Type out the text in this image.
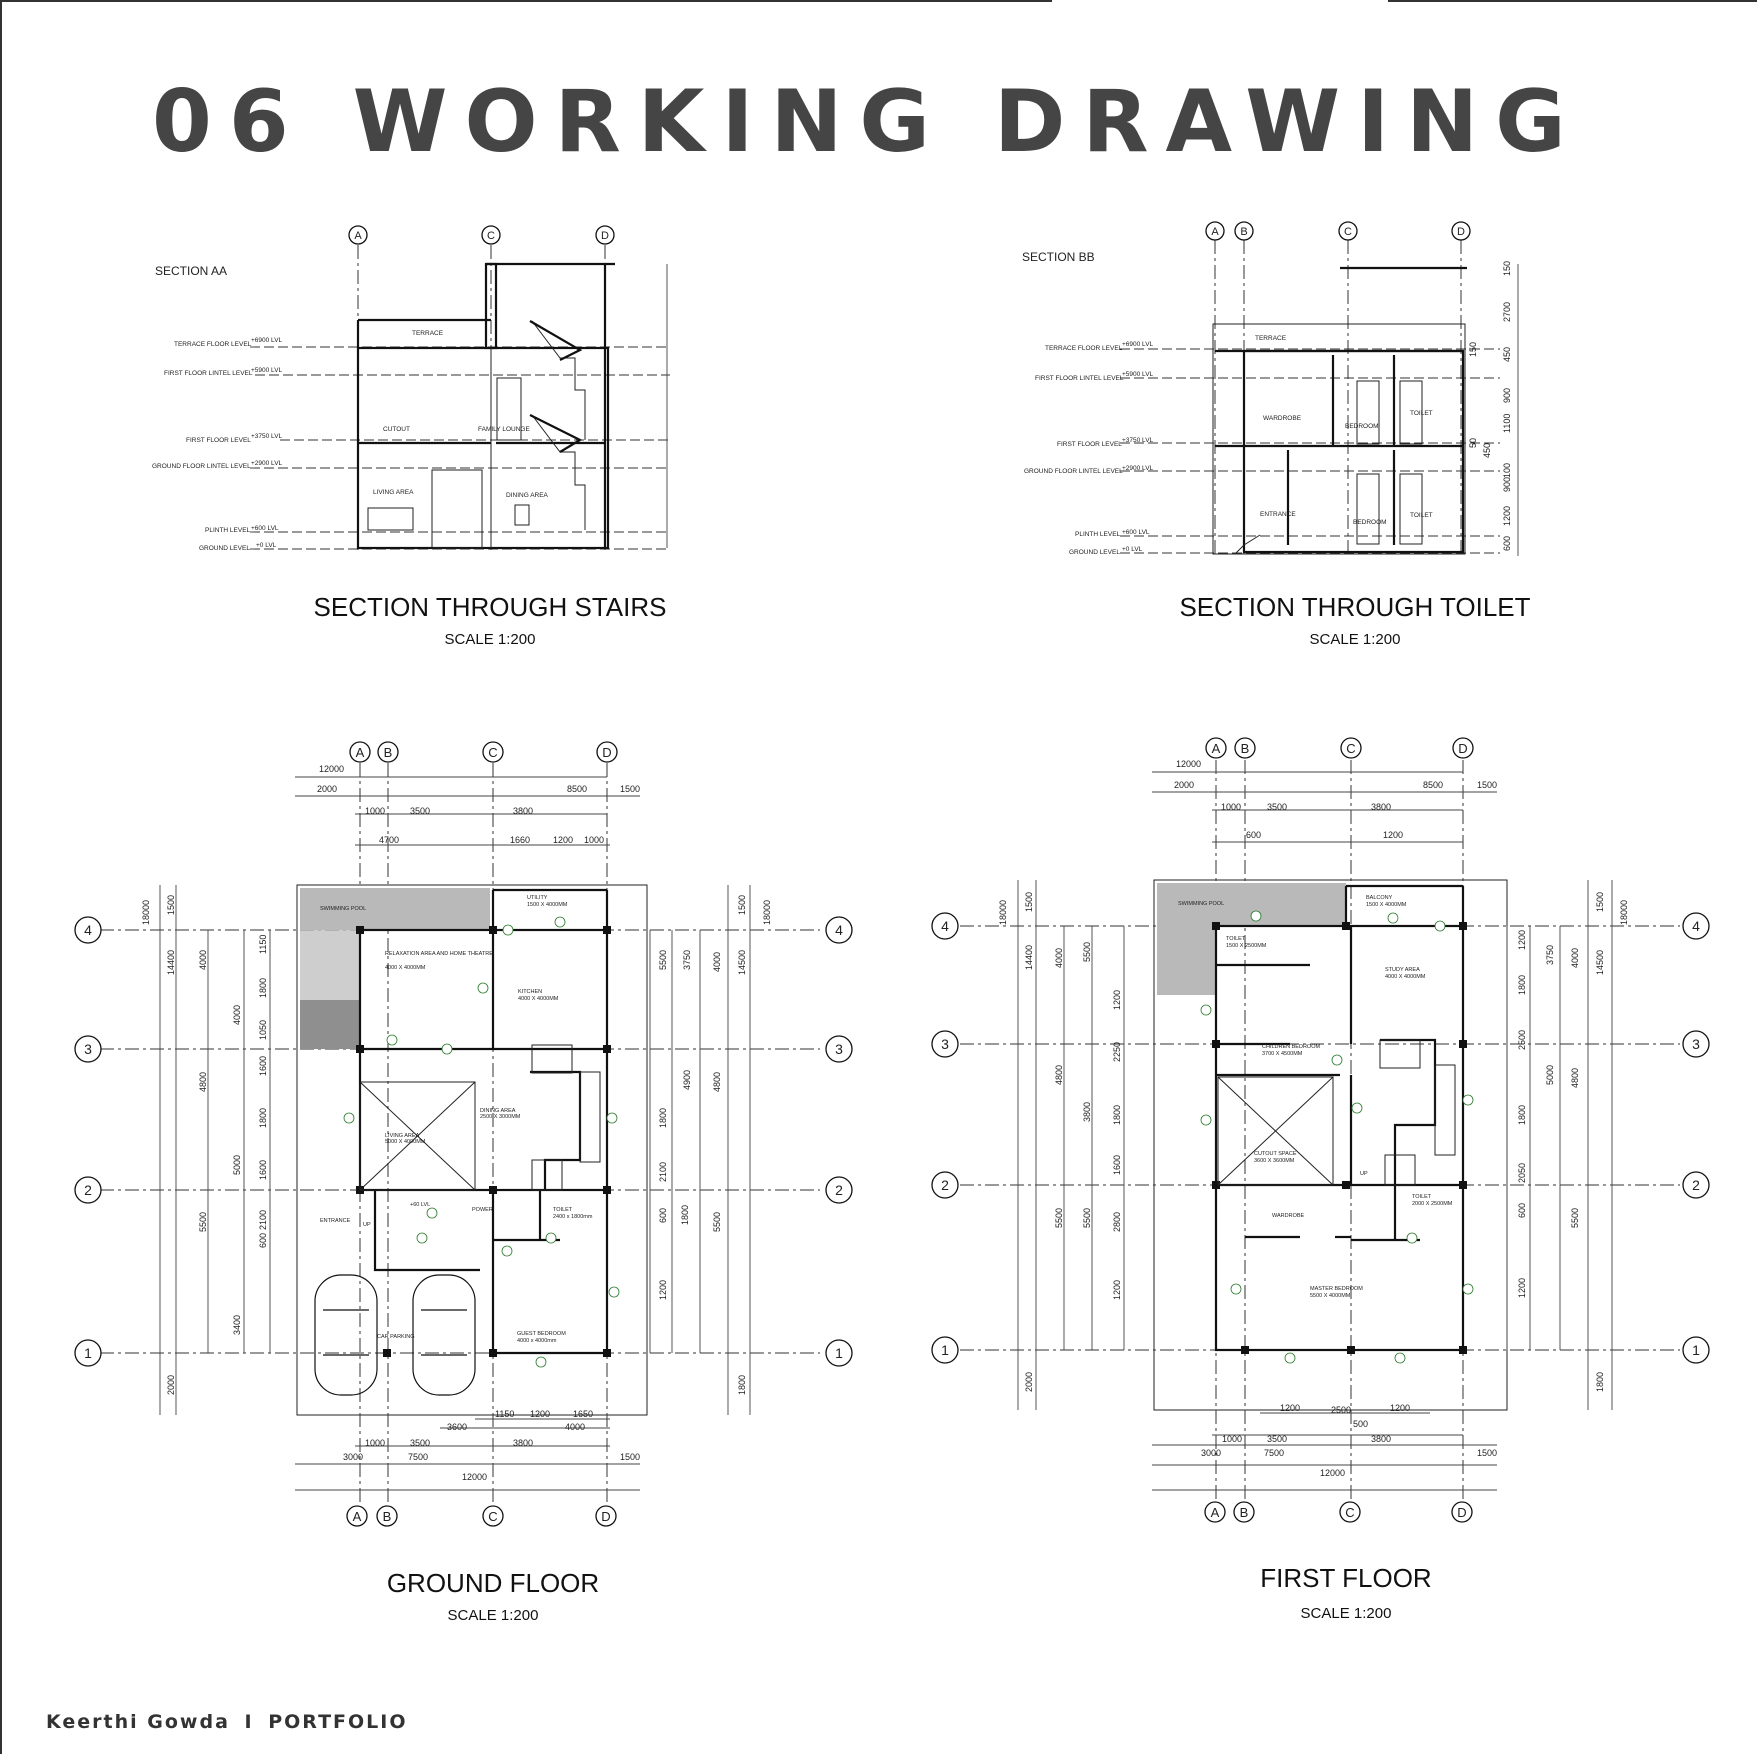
06 WORKING DRAWING
SECTION AA
A	C	D
TERRACE FLOOR LEVEL
+6900 LVL
FIRST FLOOR LINTEL LEVEL
+5900 LVL
FIRST FLOOR LEVEL
+3750 LVL
GROUND FLOOR LINTEL LEVEL +2900 LVL
PLINTH LEVEL +600 LVL
GROUND LEVEL +0 LVL
TERRACE
CUTOUT	FAMILY LOUNGE
LIVING AREA	DINING AREA
SECTION THROUGH STAIRS
SCALE 1:200
SECTION BB
A B	C	D
TERRACE FLOOR LEVEL
+6900 LVL
FIRST FLOOR LINTEL LEVEL
+5900 LVL
FIRST FLOOR LEVEL
+3750 LVL
GROUND FLOOR LINTEL LEVEL +2900 LVL
PLINTH LEVEL +600 LVL
GROUND LEVEL +0 LVL
TERRACE
WARDROBE
BEDROOM
TOILET
ENTRANCE
BEDROOM
TOILET
150
2700
150	450
900
1100
50 450
900
100
1200
600
SECTION THROUGH TOILET
SCALE 1:200
A B	C	D
A B	C	D
4
3
2
1
4
3
2
1
SWIMMING POOL
UTILITY
1500 X 4000MM
RELAXATION AREA AND HOME THEATRE
4000 X 4000MM
KITCHEN
4000 X 4000MM
DINING AREA
2500 X 3000MM
LIVING AREA
5000 X 4000MM
ENTRANCE
POWER	TOILET
2400 x 1800mm
CAR PARKING	GUEST BEDROOM
4000 x 4000mm
+60 LVL
UP
12000
2000	8500	1500
1000	3500	3800
4700	1660	1200 1000
1150 1200	1650
3600	4000
1000	3500	3800
3000	7500	1500
12000
18000
14400
2000
1500
4000
4800
5000
5500
4000
3400
1150
1800
1050
1600
1800
1600
2100
600
18000
14500
1800
1500
4000
4800
5500
3750
4900
5500
1800
2100
600 1800
1200
GROUND FLOOR
SCALE 1:200
A B	C	D
A B	C	D
4
3
2
1
4
3
2
1
SWIMMING POOL
BALCONY
1500 X 4000MM
TOILET
1500 X 2500MM
STUDY AREA
4000 X 4000MM
CHILDREN BEDROOM
3700 X 4500MM
CUTOUT SPACE
3600 X 3600MM
WARDROBE
TOILET
2000 X 2500MM
MASTER BEDROOM
5500 X 4000MM
UP
12000
2000	8500	1500
1000	3500	3800
600	1200
1200	2500	1200
500
1000	3500	3800
3000	7500	1500
12000
18000
14400
2000
1500
4000
4800
5500
5500
3800
5500
1200
2250
1800
1600
2800
1200
18000
14500
1800
1500
4000
4800
5500
3750
5000
1200
1800
2500
1800
2050
600
1200
FIRST FLOOR
SCALE 1:200
Keerthi Gowda I PORTFOLIO
